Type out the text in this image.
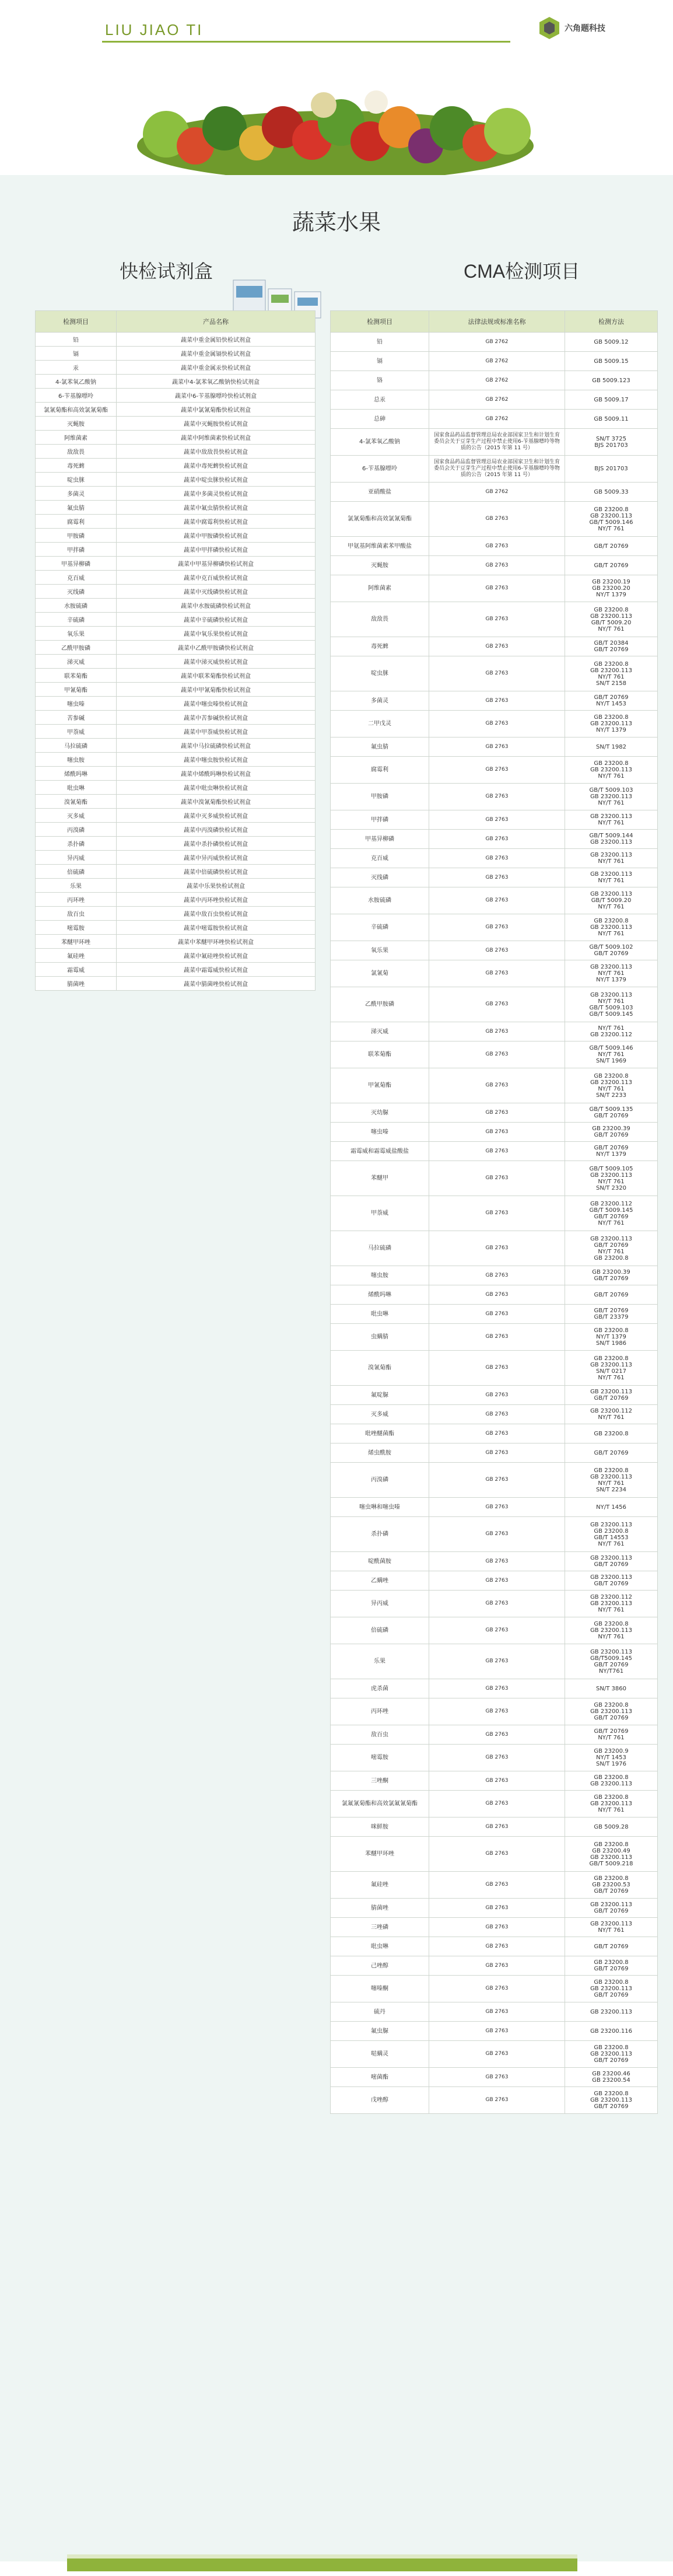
LIU JIAO TI	六角题科技
蔬菜水果
快检试剂盒	CMA检测项目
检测项目	产品名称
铅	蔬菜中重金属铅快检试剂盒
镉	蔬菜中重金属镉快检试剂盒
汞	蔬菜中重金属汞快检试剂盒
4-氯苯氧乙酸钠	蔬菜中4-氯苯氧乙酸钠快检试剂盒
6-苄基腺嘌呤	蔬菜中6-苄基腺嘌呤快检试剂盒
氯氰菊酯和高效氯氰菊酯	蔬菜中氯氰菊酯快检试剂盒
灭蝇胺	蔬菜中灭蝇胺快检试剂盒
阿维菌素	蔬菜中阿维菌素快检试剂盒
敌敌畏	蔬菜中敌敌畏快检试剂盒
毒死蜱	蔬菜中毒死蜱快检试剂盒
啶虫脒	蔬菜中啶虫脒快检试剂盒
多菌灵	蔬菜中多菌灵快检试剂盒
氟虫腈	蔬菜中氟虫腈快检试剂盒
腐霉利	蔬菜中腐霉利快检试剂盒
甲胺磷	蔬菜中甲胺磷快检试剂盒
甲拌磷	蔬菜中甲拌磷快检试剂盒
甲基异柳磷	蔬菜中甲基异柳磷快检试剂盒
克百威	蔬菜中克百威快检试剂盒
灭线磷	蔬菜中灭线磷快检试剂盒
水胺硫磷	蔬菜中水胺硫磷快检试剂盒
辛硫磷	蔬菜中辛硫磷快检试剂盒
氧乐果	蔬菜中氧乐果快检试剂盒
乙酰甲胺磷	蔬菜中乙酰甲胺磷快检试剂盒
涕灭威	蔬菜中涕灭威快检试剂盒
联苯菊酯	蔬菜中联苯菊酯快检试剂盒
甲氰菊酯	蔬菜中甲氰菊酯快检试剂盒
噻虫嗪	蔬菜中噻虫嗪快检试剂盒
苦参碱	蔬菜中苦参碱快检试剂盒
甲萘威	蔬菜中甲萘威快检试剂盒
马拉硫磷	蔬菜中马拉硫磷快检试剂盒
噻虫胺	蔬菜中噻虫胺快检试剂盒
烯酰吗啉	蔬菜中烯酰吗啉快检试剂盒
吡虫啉	蔬菜中吡虫啉快检试剂盒
溴氰菊酯	蔬菜中溴氰菊酯快检试剂盒
灭多威	蔬菜中灭多威快检试剂盒
丙溴磷	蔬菜中丙溴磷快检试剂盒
杀扑磷	蔬菜中杀扑磷快检试剂盒
异丙威	蔬菜中异丙威快检试剂盒
倍硫磷	蔬菜中倍硫磷快检试剂盒
乐果	蔬菜中乐果快检试剂盒
丙环唑	蔬菜中丙环唑快检试剂盒
敌百虫	蔬菜中敌百虫快检试剂盒
嘧霉胺	蔬菜中嘧霉胺快检试剂盒
苯醚甲环唑	蔬菜中苯醚甲环唑快检试剂盒
氟硅唑	蔬菜中氟硅唑快检试剂盒
霜霉威	蔬菜中霜霉威快检试剂盒
腈菌唑	蔬菜中腈菌唑快检试剂盒
检测项目	法律法规或标准名称	检测方法
铅	GB 2762	GB 5009.12
镉	GB 2762	GB 5009.15
铬	GB 2762	GB 5009.123
总汞	GB 2762	GB 5009.17
总砷	GB 2762	GB 5009.11
4-氯苯氧乙酸钠	国家食品药品监督管理总局农业部国家卫生和计划生育委员会关于豆芽生产过程中禁止使用6-苄基腺嘌呤等物质的公告（2015 年第 11 号）	SN/T 3725
BJS 201703
6-苄基腺嘌呤	国家食品药品监督管理总局农业部国家卫生和计划生育委员会关于豆芽生产过程中禁止使用6-苄基腺嘌呤等物质的公告（2015 年第 11 号）	BJS 201703
亚硝酸盐	GB 2762	GB 5009.33
氯氰菊酯和高效氯氰菊酯	GB 2763	GB 23200.8
GB 23200.113
GB/T 5009.146
NY/T 761
甲氨基阿维菌素苯甲酸盐	GB 2763	GB/T 20769
灭蝇胺	GB 2763	GB/T 20769
阿维菌素	GB 2763	GB 23200.19
GB 23200.20
NY/T 1379
敌敌畏	GB 2763	GB 23200.8
GB 23200.113
GB/T 5009.20
NY/T 761
毒死蜱	GB 2763	GB/T 20384
GB/T 20769
啶虫脒	GB 2763	GB 23200.8
GB 23200.113
NY/T 761
SN/T 2158
多菌灵	GB 2763	GB/T 20769
NY/T 1453
二甲戊灵	GB 2763	GB 23200.8
GB 23200.113
NY/T 1379
氟虫腈	GB 2763	SN/T 1982
腐霉利	GB 2763	GB 23200.8
GB 23200.113
NY/T 761
甲胺磷	GB 2763	GB/T 5009.103
GB 23200.113
NY/T 761
甲拌磷	GB 2763	GB 23200.113
NY/T 761
甲基异柳磷	GB 2763	GB/T 5009.144
GB 23200.113
克百威	GB 2763	GB 23200.113
NY/T 761
灭线磷	GB 2763	GB 23200.113
NY/T 761
水胺硫磷	GB 2763	GB 23200.113
GB/T 5009.20
NY/T 761
辛硫磷	GB 2763	GB 23200.8
GB 23200.113
NY/T 761
氧乐果	GB 2763	GB/T 5009.102
GB/T 20769
氯氰菊	GB 2763	GB 23200.113
NY/T 761
NY/T 1379
乙酰甲胺磷	GB 2763	GB 23200.113
NY/T 761
GB/T 5009.103
GB/T 5009.145
涕灭威	GB 2763	NY/T 761
GB 23200.112
联苯菊酯	GB 2763	GB/T 5009.146
NY/T 761
SN/T 1969
甲氰菊酯	GB 2763	GB 23200.8
GB 23200.113
NY/T 761
SN/T 2233
灭幼脲	GB 2763	GB/T 5009.135
GB/T 20769
噻虫嗪	GB 2763	GB 23200.39
GB/T 20769
霜霉威和霜霉威盐酸盐	GB 2763	GB/T 20769
NY/T 1379
苯醚甲	GB 2763	GB/T 5009.105
GB 23200.113
NY/T 761
SN/T 2320
甲萘威	GB 2763	GB 23200.112
GB/T 5009.145
GB/T 20769
NY/T 761
马拉硫磷	GB 2763	GB 23200.113
GB/T 20769
NY/T 761
GB 23200.8
噻虫胺	GB 2763	GB 23200.39
GB/T 20769
烯酰吗啉	GB 2763	GB/T 20769
吡虫啉	GB 2763	GB/T 20769
GB/T 23379
虫螨腈	GB 2763	GB 23200.8
NY/T 1379
SN/T 1986
溴氰菊酯	GB 2763	GB 23200.8
GB 23200.113
SN/T 0217
NY/T 761
氟啶脲	GB 2763	GB 23200.113
GB/T 20769
灭多威	GB 2763	GB 23200.112
NY/T 761
吡唑醚菌酯	GB 2763	GB 23200.8
烯虫酰胺	GB 2763	GB/T 20769
丙溴磷	GB 2763	GB 23200.8
GB 23200.113
NY/T 761
SN/T 2234
噻虫啉和噻虫嗪	GB 2763	NY/T 1456
杀扑磷	GB 2763	GB 23200.113
GB 23200.8
GB/T 14553
NY/T 761
啶酰菌胺	GB 2763	GB 23200.113
GB/T 20769
乙螨唑	GB 2763	GB 23200.113
GB/T 20769
异丙威	GB 2763	GB 23200.112
GB 23200.113
NY/T 761
倍硫磷	GB 2763	GB 23200.8
GB 23200.113
NY/T 761
乐果	GB 2763	GB 23200.113
GB/T5009.145
GB/T 20769
NY/T761
虎杀菌	GB 2763	SN/T 3860
丙环唑	GB 2763	GB 23200.8
GB 23200.113
GB/T 20769
敌百虫	GB 2763	GB/T 20769
NY/T 761
嘧霉胺	GB 2763	GB 23200.9
NY/T 1453
SN/T 1976
三唑酮	GB 2763	GB 23200.8
GB 23200.113
氯氟氰菊酯和高效氯氟氰菊酯	GB 2763	GB 23200.8
GB 23200.113
NY/T 761
咪鲜胺	GB 2763	GB 5009.28
苯醚甲环唑	GB 2763	GB 23200.8
GB 23200.49
GB 23200.113
GB/T 5009.218
氟硅唑	GB 2763	GB 23200.8
GB 23200.53
GB/T 20769
腈菌唑	GB 2763	GB 23200.113
GB/T 20769
三唑磷	GB 2763	GB 23200.113
NY/T 761
吡虫啉	GB 2763	GB/T 20769
己唑醇	GB 2763	GB 23200.8
GB/T 20769
噻嗪酮	GB 2763	GB 23200.8
GB 23200.113
GB/T 20769
硫丹	GB 2763	GB 23200.113
氟虫脲	GB 2763	GB 23200.116
哒螨灵	GB 2763	GB 23200.8
GB 23200.113
GB/T 20769
嘧菌酯	GB 2763	GB 23200.46
GB 23200.54
戊唑醇	GB 2763	GB 23200.8
GB 23200.113
GB/T 20769
